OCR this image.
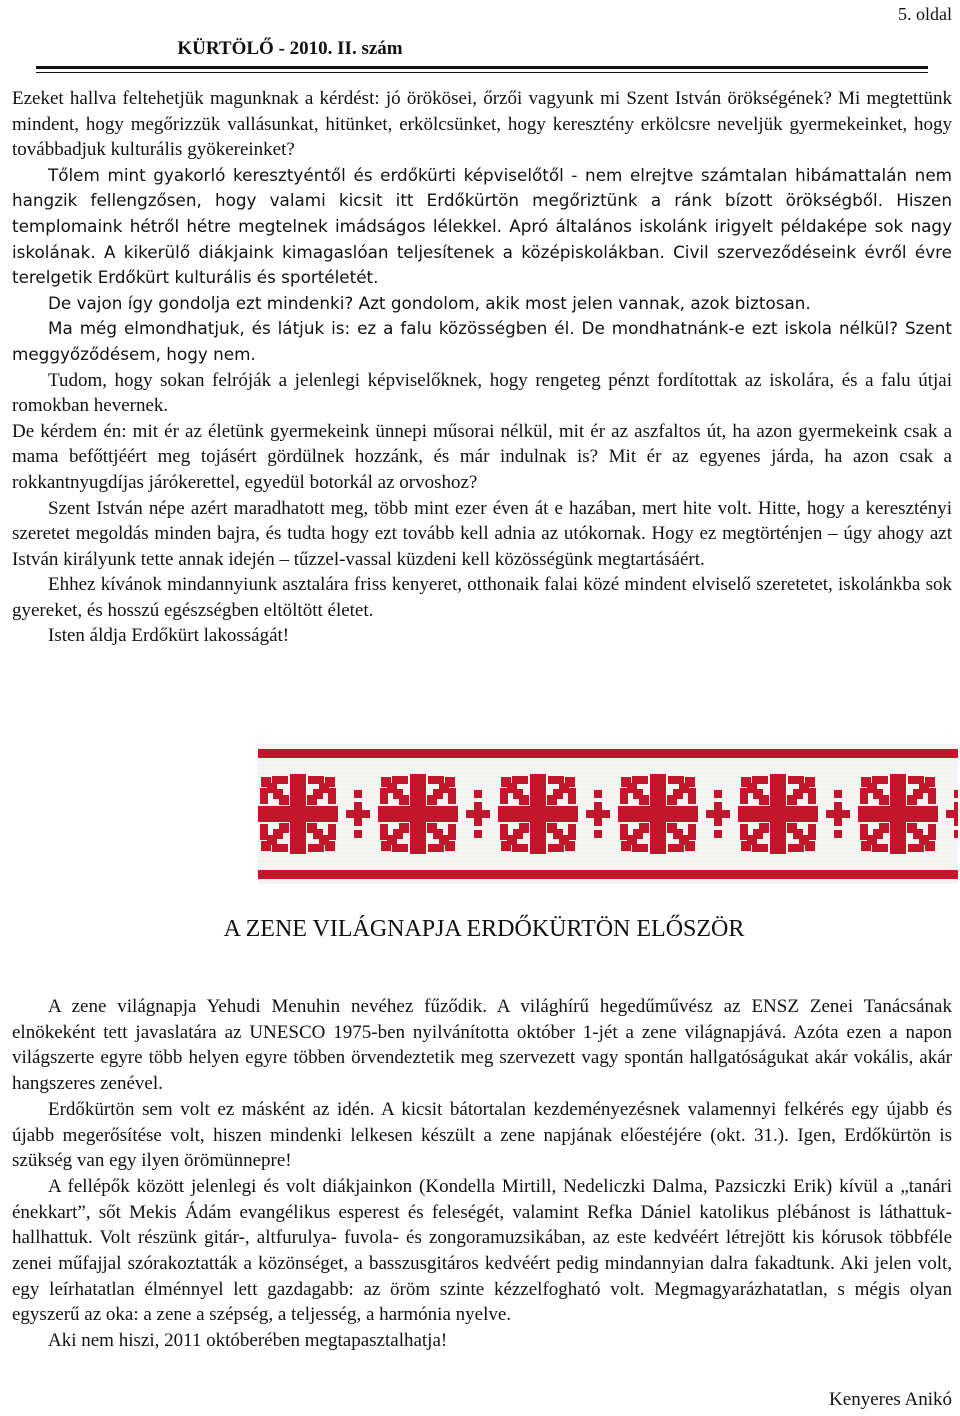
5. oldal
KÜRTÖLŐ - 2010. II. szám

Ezeket hallva feltehetjük magunknak a kérdést: jó örökösei, őrzői vagyunk mi Szent István örökségének? Mi megtettünk mindent, hogy megőrizzük vallásunkat, hitünket, erkölcsünket, hogy keresztény erkölcsre neveljük gyermekeinket, hogy továbbadjuk kulturális gyökereinket?

Tőlem mint gyakorló keresztyéntől és erdőkürti képviselőtől - nem elrejtve számtalan hibámattalán nem hangzik fellengzősen, hogy valami kicsit itt Erdőkürtön megőriztünk a ránk bízott örökségből. Hiszen templomaink hétről hétre megtelnek imádságos lélekkel. Apró általános iskolánk irigyelt példaképe sok nagy iskolának. A kikerülő diákjaink kimagaslóan teljesítenek a középiskolákban. Civil szerveződéseink évről évre terelgetik Erdőkürt kulturális és sportéletét.

De vajon így gondolja ezt mindenki? Azt gondolom, akik most jelen vannak, azok biztosan.

Ma még elmondhatjuk, és látjuk is: ez a falu közösségben él. De mondhatnánk-e ezt iskola nélkül? Szent meggyőződésem, hogy nem.

Tudom, hogy sokan felróják a jelenlegi képviselőknek, hogy rengeteg pénzt fordítottak az iskolára, és a falu útjai romokban hevernek.

De kérdem én: mit ér az életünk gyermekeink ünnepi műsorai nélkül, mit ér az aszfaltos út, ha azon gyermekeink csak a mama befőttjéért meg tojásért gördülnek hozzánk, és már indulnak is? Mit ér az egyenes járda, ha azon csak a rokkantnyugdíjas járókerettel, egyedül botorkál az orvoshoz?

Szent István népe azért maradhatott meg, több mint ezer éven át e hazában, mert hite volt. Hitte, hogy a keresztényi szeretet megoldás minden bajra, és tudta hogy ezt tovább kell adnia az utókornak. Hogy ez megtörténjen – úgy ahogy azt István királyunk tette annak idején – tűzzel-vassal küzdeni kell közösségünk megtartásáért.

Ehhez kívánok mindannyiunk asztalára friss kenyeret, otthonaik falai közé mindent elviselő szeretetet, iskolánkba sok gyereket, és hosszú egészségben eltöltött életet.

Isten áldja Erdőkürt lakosságát!

A ZENE VILÁGNAPJA ERDŐKÜRTÖN ELŐSZÖR

A zene világnapja Yehudi Menuhin nevéhez fűződik. A világhírű hegedűművész az ENSZ Zenei Tanácsának elnökeként tett javaslatára az UNESCO 1975-ben nyilvánította október 1-jét a zene világnapjává. Azóta ezen a napon világszerte egyre több helyen egyre többen örvendeztetik meg szervezett vagy spontán hallgatóságukat akár vokális, akár hangszeres zenével.

Erdőkürtön sem volt ez másként az idén. A kicsit bátortalan kezdeményezésnek valamennyi felkérés egy újabb és újabb megerősítése volt, hiszen mindenki lelkesen készült a zene napjának előestéjére (okt. 31.). Igen, Erdőkürtön is szükség van egy ilyen örömünnepre!

A fellépők között jelenlegi és volt diákjainkon (Kondella Mirtill, Nedeliczki Dalma, Pazsiczki Erik) kívül a „tanári énekkart”, sőt Mekis Ádám evangélikus esperest és feleségét, valamint Refka Dániel katolikus plébánost is láthattuk-hallhattuk. Volt részünk gitár-, altfurulya- fuvola- és zongoramuzsikában, az este kedvéért létrejött kis kórusok többféle zenei műfajjal szórakoztatták a közönséget, a basszusgitáros kedvéért pedig mindannyian dalra fakadtunk. Aki jelen volt, egy leírhatatlan élménnyel lett gazdagabb: az öröm szinte kézzelfogható volt. Megmagyarázhatatlan, s mégis olyan egyszerű az oka: a zene a szépség, a teljesség, a harmónia nyelve.

Aki nem hiszi, 2011 októberében megtapasztalhatja!

Kenyeres Anikó
